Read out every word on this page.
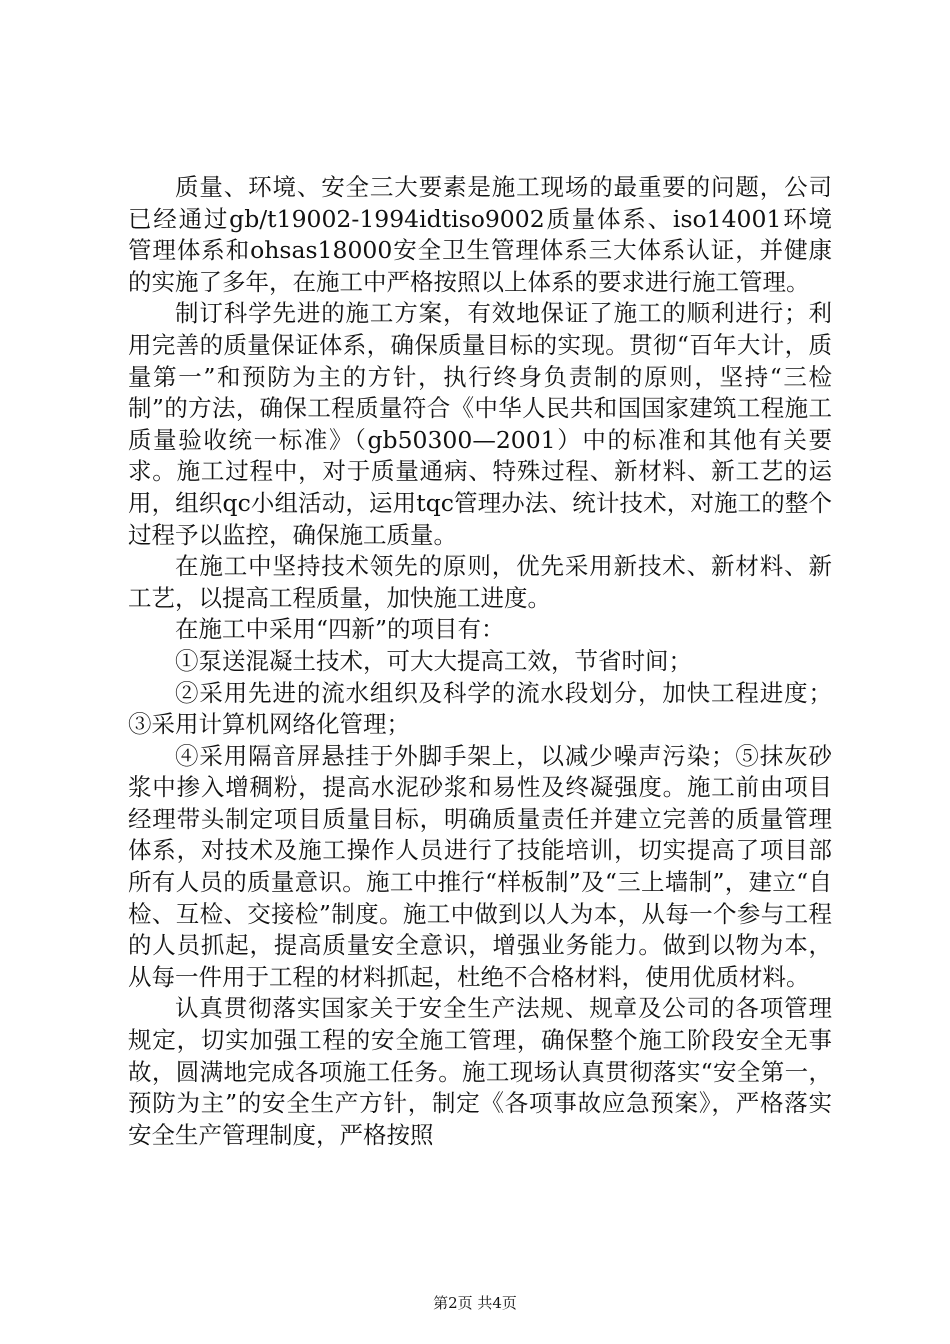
质量、环境、安全三大要素是施工现场的最重要的问题，公司已经通过gb/t19002-1994idtiso9002质量体系、iso14001环境管理体系和ohsas18000安全卫生管理体系三大体系认证，并健康的实施了多年，在施工中严格按照以上体系的要求进行施工管理。

制订科学先进的施工方案，有效地保证了施工的顺利进行；利用完善的质量保证体系，确保质量目标的实现。贯彻“百年大计，质量第一”和预防为主的方针，执行终身负责制的原则，坚持“三检制”的方法，确保工程质量符合《中华人民共和国国家建筑工程施工质量验收统一标准》（gb50300—2001）中的标准和其他有关要求。施工过程中，对于质量通病、特殊过程、新材料、新工艺的运用，组织qc小组活动，运用tqc管理办法、统计技术，对施工的整个过程予以监控，确保施工质量。

在施工中坚持技术领先的原则，优先采用新技术、新材料、新工艺，以提高工程质量，加快施工进度。

在施工中采用“四新”的项目有：

①泵送混凝土技术，可大大提高工效，节省时间；

②采用先进的流水组织及科学的流水段划分，加快工程进度；③采用计算机网络化管理；

④采用隔音屏悬挂于外脚手架上，以减少噪声污染；⑤抹灰砂浆中掺入增稠粉，提高水泥砂浆和易性及终凝强度。施工前由项目经理带头制定项目质量目标，明确质量责任并建立完善的质量管理体系，对技术及施工操作人员进行了技能培训，切实提高了项目部所有人员的质量意识。施工中推行“样板制”及“三上墙制”，建立“自检、互检、交接检”制度。施工中做到以人为本，从每一个参与工程的人员抓起，提高质量安全意识，增强业务能力。做到以物为本，从每一件用于工程的材料抓起，杜绝不合格材料，使用优质材料。

认真贯彻落实国家关于安全生产法规、规章及公司的各项管理规定，切实加强工程的安全施工管理，确保整个施工阶段安全无事故，圆满地完成各项施工任务。施工现场认真贯彻落实“安全第一，预防为主”的安全生产方针，制定《各项事故应急预案》，严格落实安全生产管理制度，严格按照

第2页 共4页
